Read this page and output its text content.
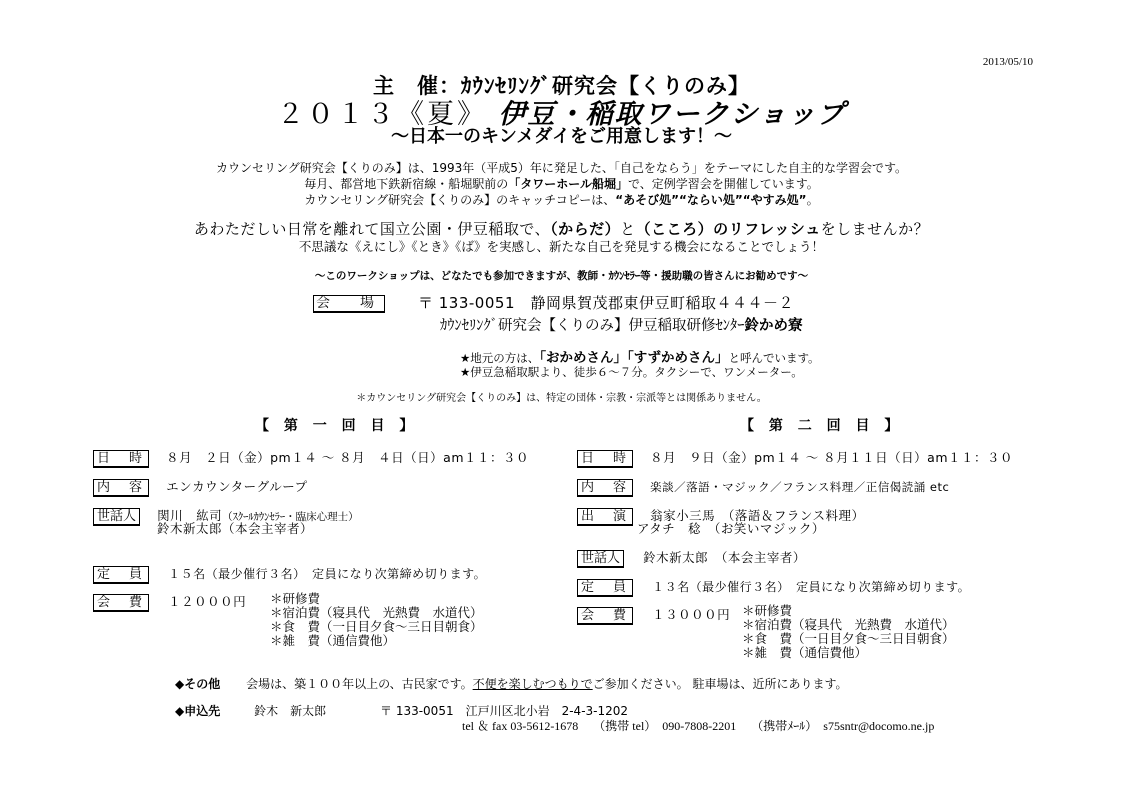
2013/05/10
主　催：ｶｳﾝｾﾘﾝｸﾞ研究会【くりのみ】
２０１３《夏》 伊豆・稲取ワークショップ
～日本一のキンメダイをご用意します！～
カウンセリング研究会【くりのみ】は、1993年（平成5）年に発足した、「自己をならう」をテーマにした自主的な学習会です。
毎月、都営地下鉄新宿線・船堀駅前の「タワーホール船堀」で、定例学習会を開催しています。
カウンセリング研究会【くりのみ】のキャッチコピーは、“あそび処”“ならい処”“やすみ処”。
あわただしい日常を離れて国立公園・伊豆稲取で、（からだ）と（こころ）のリフレッシュをしませんか？
不思議な《えにし》《とき》《ば》を実感し、新たな自己を発見する機会になることでしょう！
～このワークショップは、どなたでも参加できますが、教師・ｶｳﾝｾﾗｰ等・援助職の皆さんにお勧めです～
会　場 〒 133-0051　静岡県賀茂郡東伊豆町稲取４４４－２
ｶｳﾝｾﾘﾝｸﾞ研究会【くりのみ】伊豆稲取研修ｾﾝﾀｰ鈴かめ寮
★地元の方は、「おかめさん」「すずかめさん」と呼んでいます。
★伊豆急稲取駅より、徒歩６～７分。タクシーで、ワンメーター。
＊カウンセリング研究会【くりのみ】は、特定の団体・宗教・宗派等とは関係ありません。
【 第 一 回 目 】
日　時 ８月　２日（金）pm１４ ～ ８月　４日（日）am１１：３０
内　容 エンカウンターグループ
世話人 関川　紘司（ｽｸｰﾙｶｳﾝｾﾗｰ・臨床心理士）
鈴木新太郎（本会主宰者）
定　員 １５名（最少催行３名）　定員になり次第締め切ります。
会　費 １２０００円 ＊研修費
＊宿泊費（寝具代　光熱費　水道代）
＊食　費（一日目夕食～三日目朝食）
＊雑　費（通信費他）
【 第 二 回 目 】
日　時 ８月　９日（金）pm１４ ～ ８月１１日（日）am１１：３０
内　容 楽談／落語・マジック／フランス料理／正信偈読誦 etc
出　演 翁家小三馬　（落語＆フランス料理）
アタチ　稔　（お笑いマジック）
世話人 鈴木新太郎　（本会主宰者）
定　員 １３名（最少催行３名）　定員になり次第締め切ります。
会　費 １３０００円 ＊研修費
＊宿泊費（寝具代　光熱費　水道代）
＊食　費（一日目夕食～三日目朝食）
＊雑　費（通信費他）
◆その他 会場は、築１００年以上の、古民家です。不便を楽しむつもりでご参加ください。 駐車場は、近所にあります。
◆申込先	鈴木　新太郎	〒 133-0051　江戸川区北小岩　2-4-3-1202
tel ＆ fax 03-5612-1678　 （携帯 tel）　090-7808-2201　 （携帯ﾒｰﾙ）　s75sntr@docomo.ne.jp
